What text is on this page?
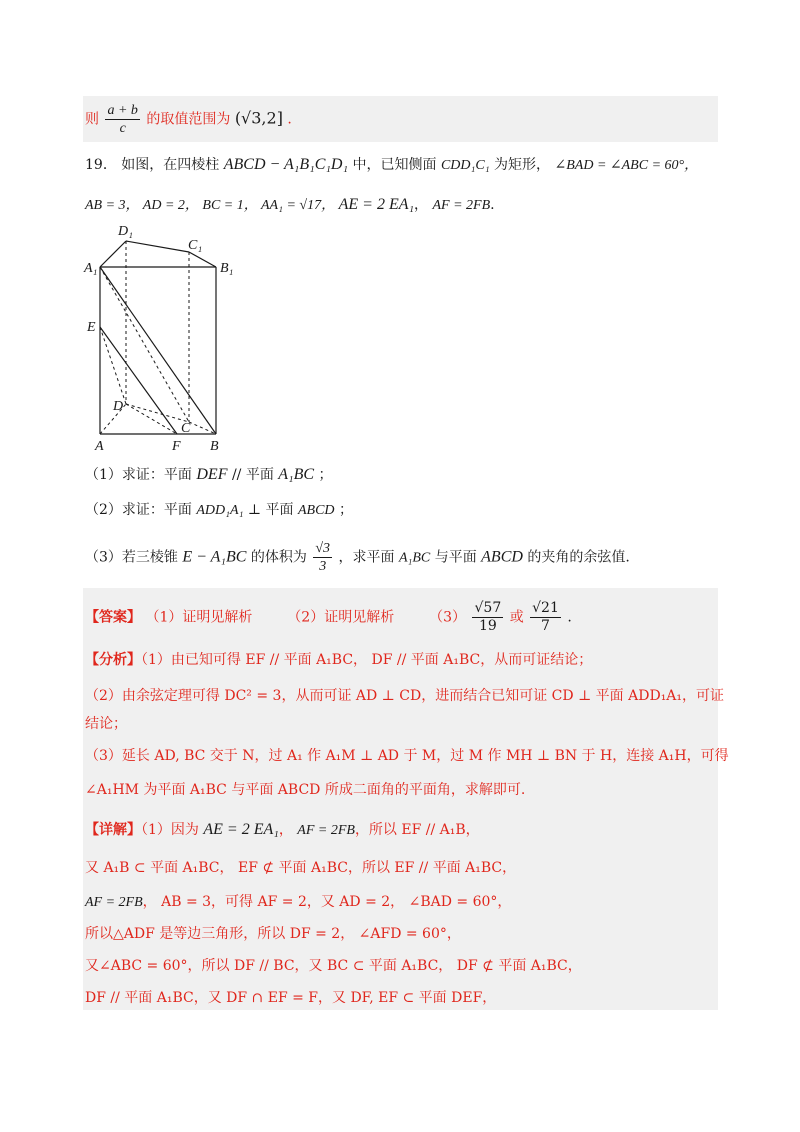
则 $\frac{a + b}{c}$ 的取值范围为 (√3,2] .
19． 如图，在四棱柱 ABCD − A₁B₁C₁D₁ 中，已知侧面 CDD₁C₁ 为矩形， ∠BAD = ∠ABC = 60°，
AB = 3， AD = 2， BC = 1， AA₁ = √17， AE = 2 EA₁， AF = 2FB.
D₁
C₁
A₁	B₁
E
D
C
A	F B
（1）求证：平面 DEF // 平面 A₁BC ；
（2）求证：平面 ADD₁A₁ ⊥ 平面 ABCD ；
（3）若三棱锥 E − A₁BC 的体积为 $\frac{√3}{3}$ ，求平面 A₁BC 与平面 ABCD 的夹角的余弦值.
【答案】 （1）证明见解析 （2）证明见解析 $(3) \frac{√57}{19}$ 或 $\frac{√21}{7}$ .
【分析】（1）由已知可得 EF // 平面 A₁BC， DF // 平面 A₁BC，从而可证结论；
（2）由余弦定理可得 DC² = 3，从而可证 AD ⊥ CD，进而结合已知可证 CD ⊥ 平面 ADD₁A₁，可证
结论；
（3）延长 AD, BC 交于 N，过 A₁ 作 A₁M ⊥ AD 于 M，过 M 作 MH ⊥ BN 于 H，连接 A₁H，可得
∠A₁HM 为平面 A₁BC 与平面 ABCD 所成二面角的平面角，求解即可.
【详解】（1）因为 AE = 2 EA₁， AF = 2FB，所以 EF // A₁B，
又 A₁B ⊂ 平面 A₁BC， EF ⊄ 平面 A₁BC，所以 EF // 平面 A₁BC，
AF = 2FB， AB = 3，可得 AF = 2，又 AD = 2， ∠BAD = 60°，
所以△ADF 是等边三角形，所以 DF = 2， ∠AFD = 60°，
又∠ABC = 60°，所以 DF // BC，又 BC ⊂ 平面 A₁BC， DF ⊄ 平面 A₁BC，
DF // 平面 A₁BC，又 DF ∩ EF = F，又 DF, EF ⊂ 平面 DEF，
